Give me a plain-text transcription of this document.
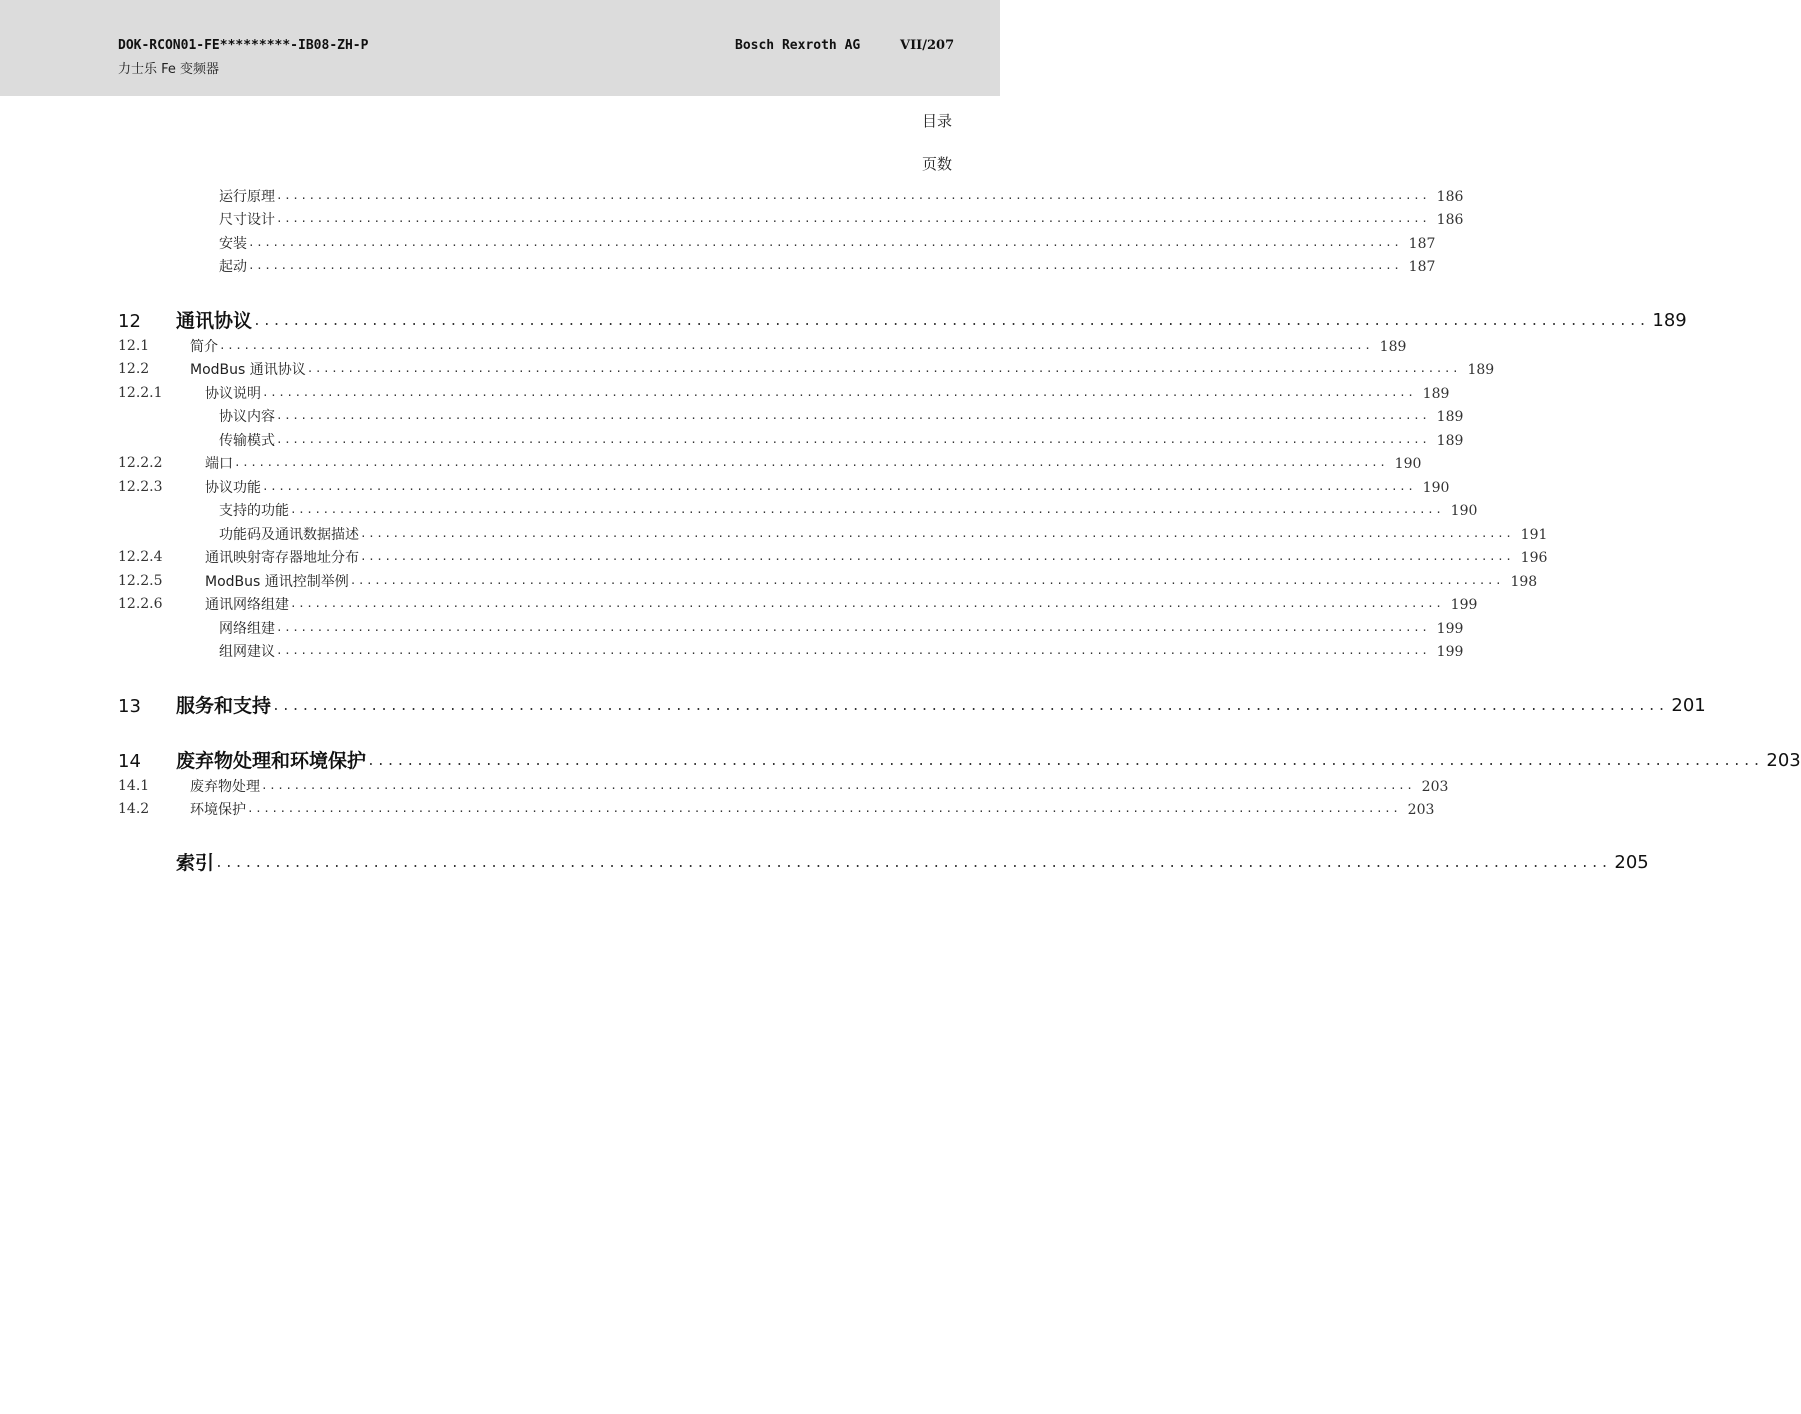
DOK-RCON01-FE*********-IB08-ZH-P
力士乐 Fe 变频器
Bosch Rexroth AG	VII/207
目录
页数
运行原理 .............................................................................................................................................. 186
尺寸设计 .............................................................................................................................................. 186
安装 .............................................................................................................................................. 187
起动 .............................................................................................................................................. 187
12 通讯协议 .............................................................................................................................................. 189
12.1	简介 .............................................................................................................................................. 189
12.2	ModBus 通讯协议 .............................................................................................................................................. 189
12.2.1	协议说明 .............................................................................................................................................. 189
协议内容 .............................................................................................................................................. 189
传输模式 .............................................................................................................................................. 189
12.2.2	端口 .............................................................................................................................................. 190
12.2.3	协议功能 .............................................................................................................................................. 190
支持的功能 .............................................................................................................................................. 190
功能码及通讯数据描述 .............................................................................................................................................. 191
12.2.4	通讯映射寄存器地址分布 .............................................................................................................................................. 196
12.2.5	ModBus 通讯控制举例 .............................................................................................................................................. 198
12.2.6	通讯网络组建 .............................................................................................................................................. 199
网络组建 .............................................................................................................................................. 199
组网建议 .............................................................................................................................................. 199
13 服务和支持 .............................................................................................................................................. 201
14 废弃物处理和环境保护 .............................................................................................................................................. 203
14.1	废弃物处理 .............................................................................................................................................. 203
14.2	环境保护 .............................................................................................................................................. 203
索引 .............................................................................................................................................. 205
